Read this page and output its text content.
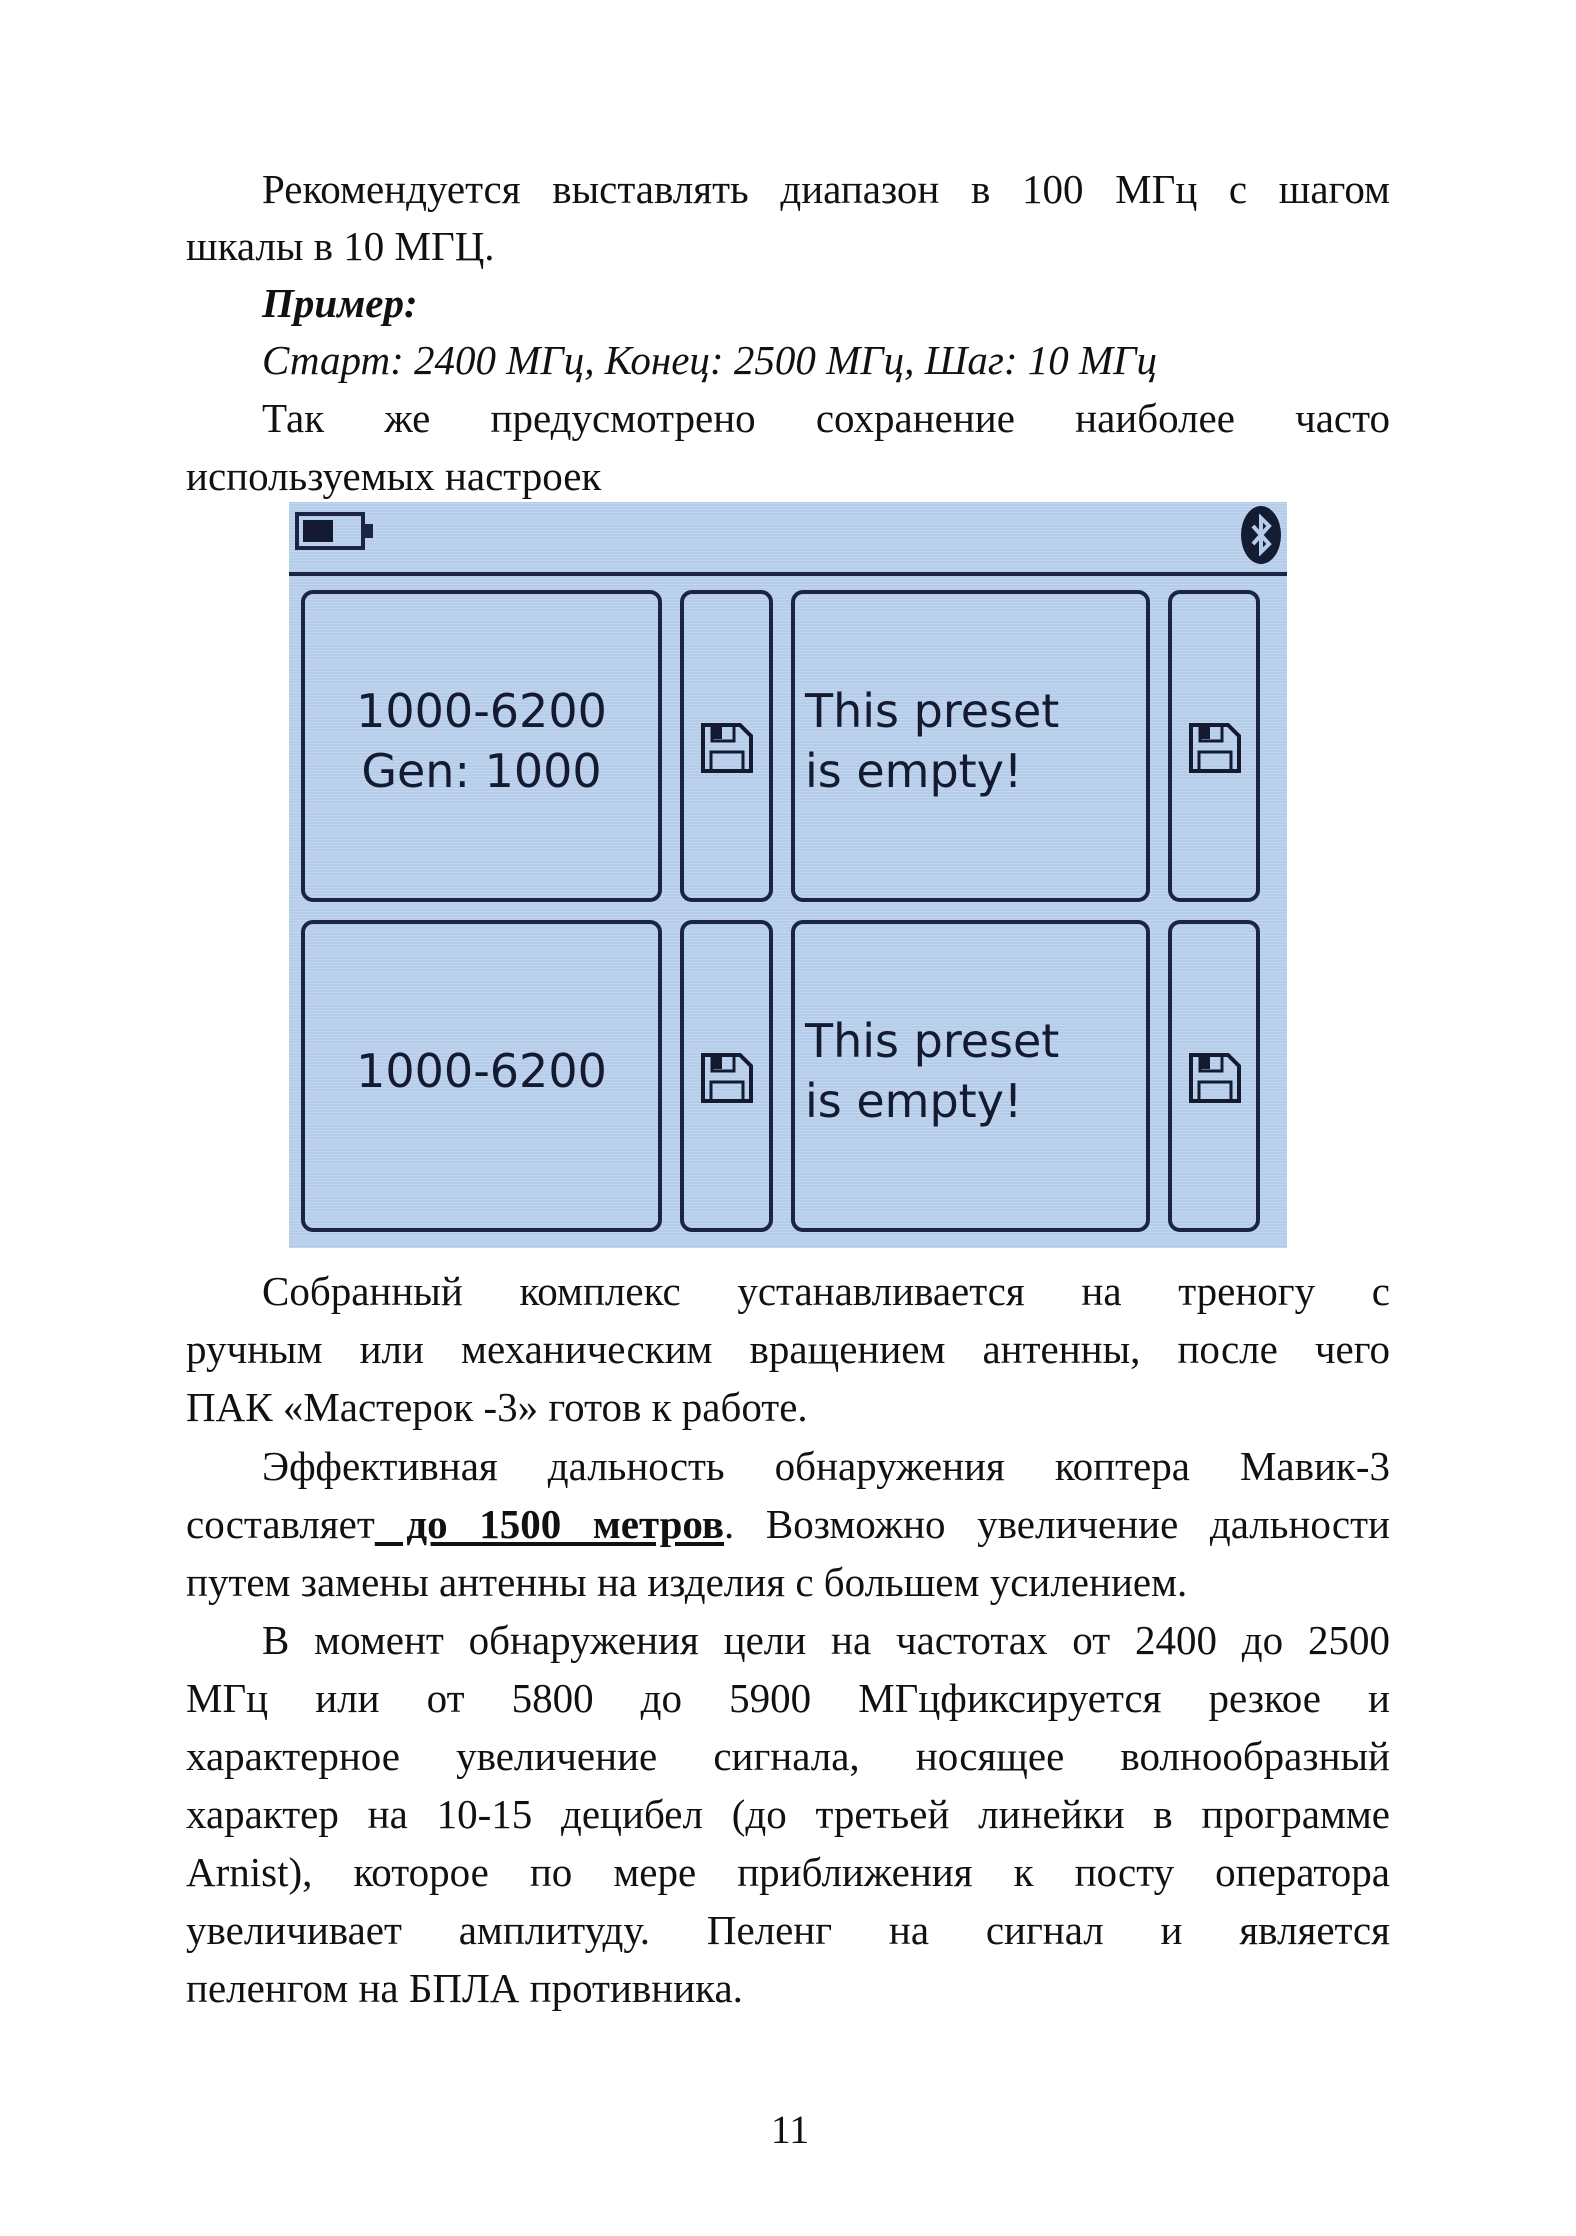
Рекомендуется выставлять диапазон в 100 МГц с шагом
шкалы в 10 МГЦ.
Пример:
Старт: 2400 МГц, Конец: 2500 МГц, Шаг: 10 МГц
Так же предусмотрено сохранение наиболее часто
используемых настроек
1000-6200
Gen: 1000
This preset
is empty!
1000-6200
This preset
is empty!
Собранный комплекс устанавливается на треногу с
ручным или механическим вращением антенны, после чего
ПАК «Мастерок -3» готов к работе.
Эффективная дальность обнаружения коптера Мавик-3
составляет до 1500 метров. Возможно увеличение дальности
путем замены антенны на изделия с большем усилением.
В момент обнаружения цели на частотах от 2400 до 2500
МГц или от 5800 до 5900 МГцфиксируется резкое и
характерное увеличение сигнала, носящее волнообразный
характер на 10-15 децибел (до третьей линейки в программе
Arnist), которое по мере приближения к посту оператора
увеличивает амплитуду. Пеленг на сигнал и является
пеленгом на БПЛА противника.
11
